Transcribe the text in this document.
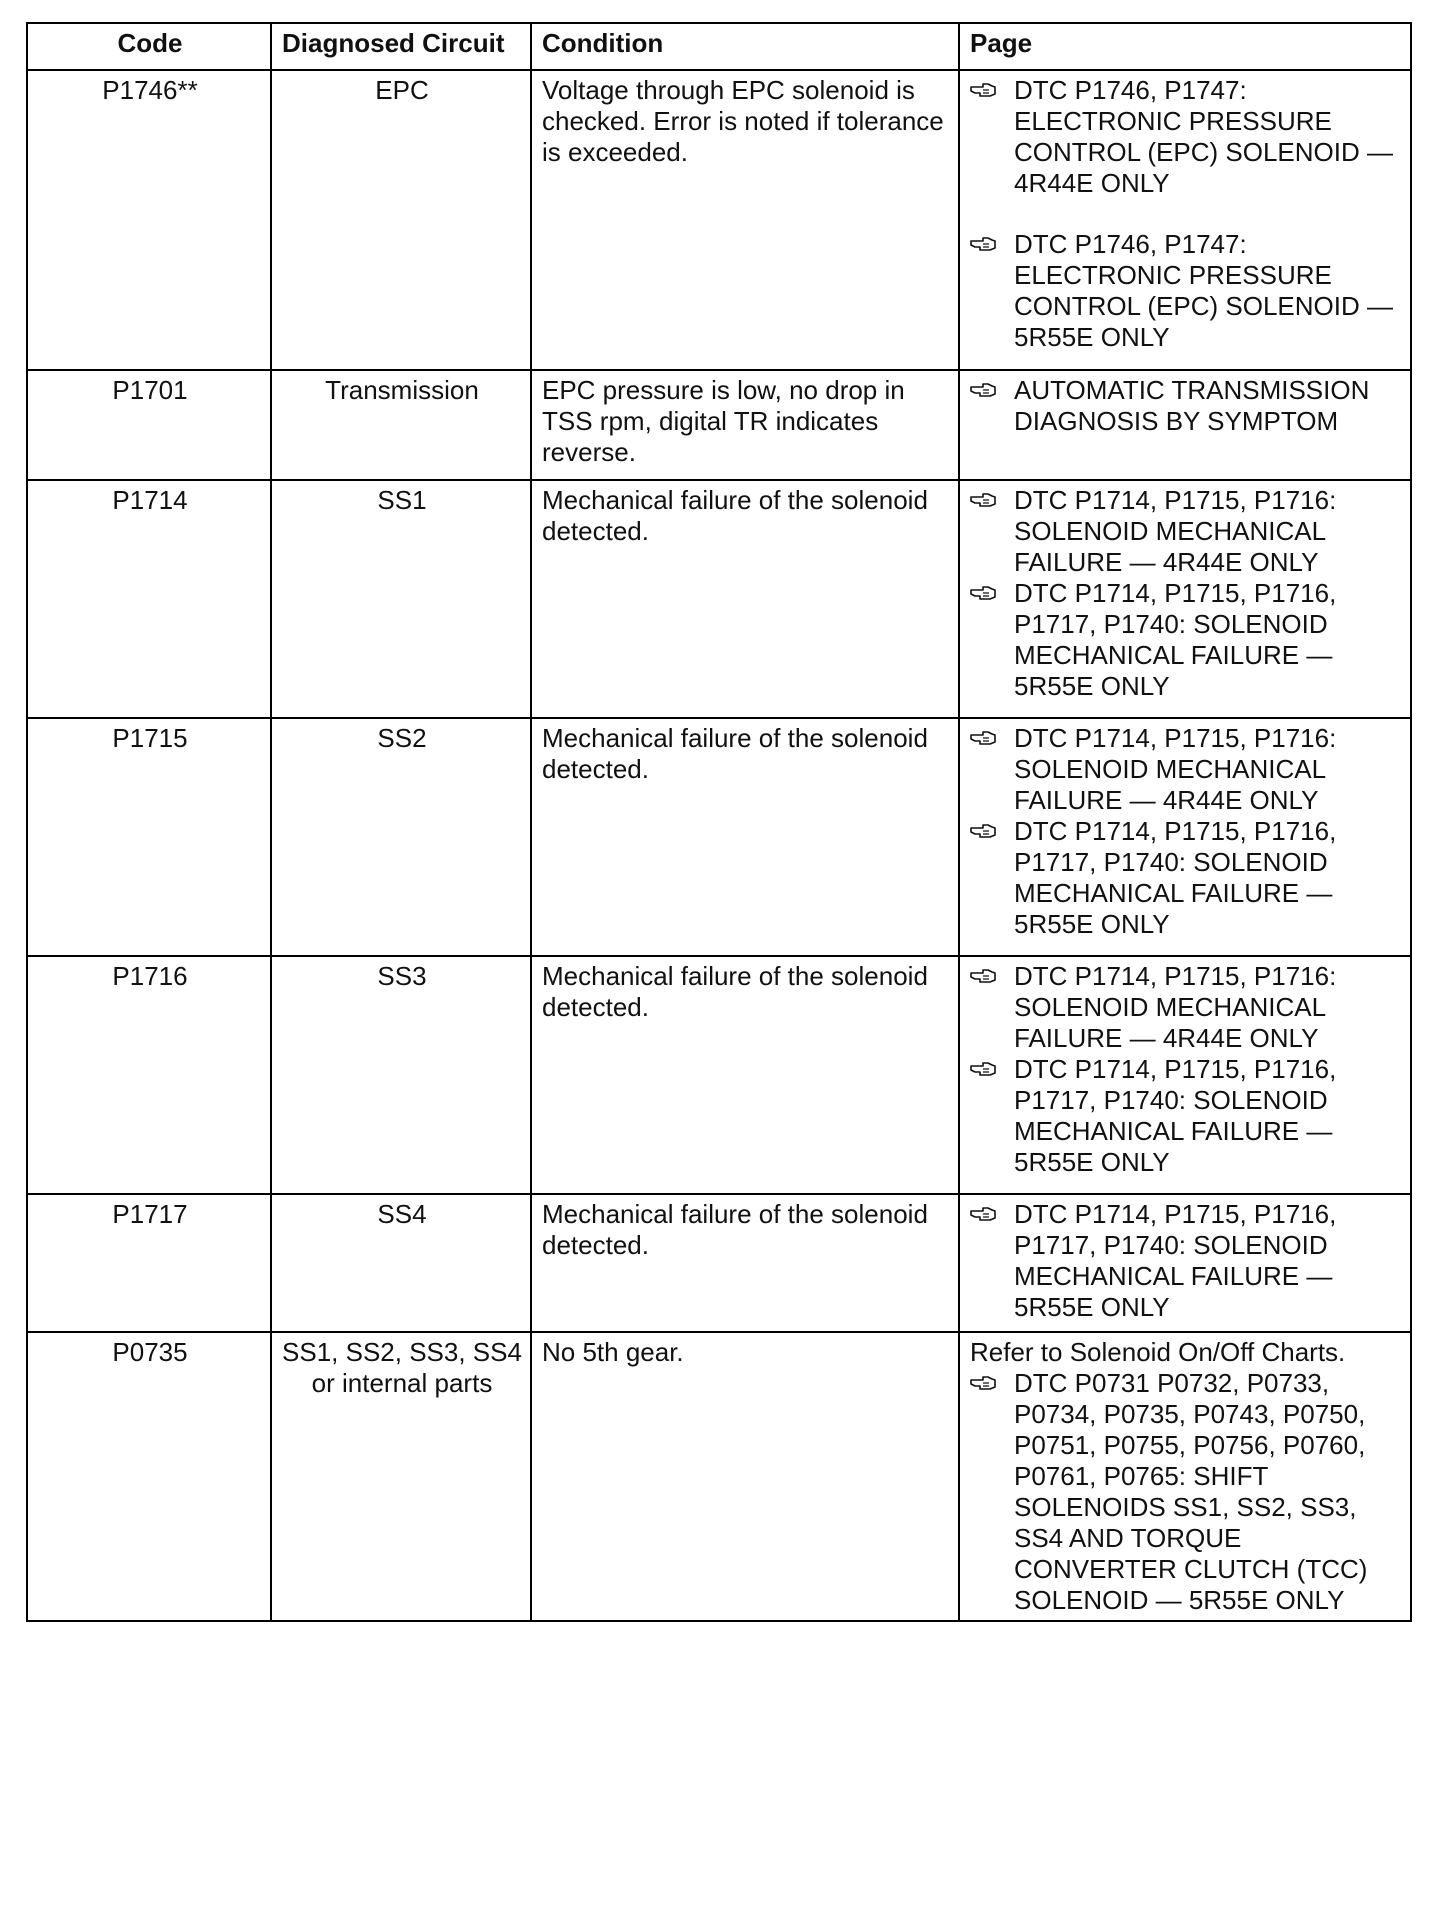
Code	Diagnosed Circuit	Condition	Page
P1746**	EPC	Voltage through EPC solenoid is checked. Error is noted if tolerance is exceeded.	DTC P1746, P1747: ELECTRONIC PRESSURE CONTROL (EPC) SOLENOID — 4R44E ONLY
DTC P1746, P1747: ELECTRONIC PRESSURE CONTROL (EPC) SOLENOID — 5R55E ONLY

P1701	Transmission	EPC pressure is low, no drop in TSS rpm, digital TR indicates reverse.	AUTOMATIC TRANSMISSION DIAGNOSIS BY SYMPTOM

P1714	SS1	Mechanical failure of the solenoid detected.	DTC P1714, P1715, P1716: SOLENOID MECHANICAL FAILURE — 4R44E ONLY
DTC P1714, P1715, P1716, P1717, P1740: SOLENOID MECHANICAL FAILURE — 5R55E ONLY

P1715	SS2	Mechanical failure of the solenoid detected.	DTC P1714, P1715, P1716: SOLENOID MECHANICAL FAILURE — 4R44E ONLY
DTC P1714, P1715, P1716, P1717, P1740: SOLENOID MECHANICAL FAILURE — 5R55E ONLY

P1716	SS3	Mechanical failure of the solenoid detected.	DTC P1714, P1715, P1716: SOLENOID MECHANICAL FAILURE — 4R44E ONLY
DTC P1714, P1715, P1716, P1717, P1740: SOLENOID MECHANICAL FAILURE — 5R55E ONLY

P1717	SS4	Mechanical failure of the solenoid detected.	DTC P1714, P1715, P1716, P1717, P1740: SOLENOID MECHANICAL FAILURE — 5R55E ONLY

P0735	SS1, SS2, SS3, SS4 or internal parts	No 5th gear.	Refer to Solenoid On/Off Charts.
DTC P0731 P0732, P0733, P0734, P0735, P0743, P0750, P0751, P0755, P0756, P0760, P0761, P0765: SHIFT SOLENOIDS SS1, SS2, SS3, SS4 AND TORQUE CONVERTER CLUTCH (TCC) SOLENOID — 5R55E ONLY
